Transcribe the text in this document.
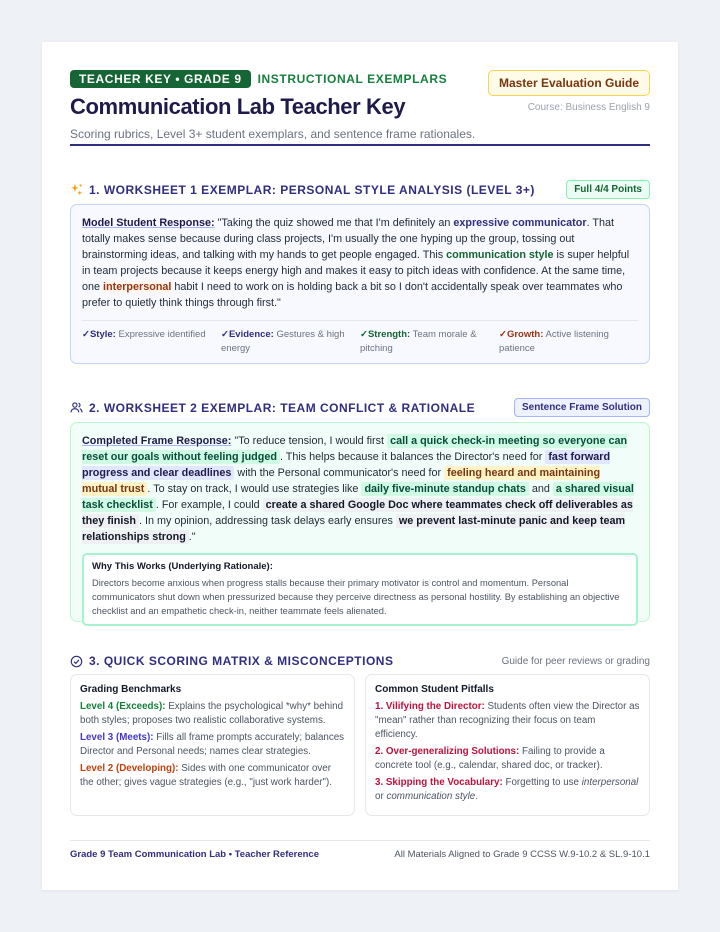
TEACHER KEY • GRADE 9	INSTRUCTIONAL EXEMPLARS
Communication Lab Teacher Key
Scoring rubrics, Level 3+ student exemplars, and sentence frame rationales.
Master Evaluation Guide
Course: Business English 9
1. WORKSHEET 1 EXEMPLAR: PERSONAL STYLE ANALYSIS (LEVEL 3+)	Full 4/4 Points

Model Student Response: "Taking the quiz showed me that I'm definitely an expressive communicator. That totally makes sense because during class projects, I'm usually the one hyping up the group, tossing out brainstorming ideas, and talking with my hands to get people engaged. This communication style is super helpful in team projects because it keeps energy high and makes it easy to pitch ideas with confidence. At the same time, one interpersonal habit I need to work on is holding back a bit so I don't accidentally speak over teammates who prefer to quietly think things through first."

✓Style: Expressive identified	✓Evidence: Gestures & high energy
✓Strength: Team morale & pitching
✓Growth: Active listening patience
2. WORKSHEET 2 EXEMPLAR: TEAM CONFLICT & RATIONALE	Sentence Frame Solution

Completed Frame Response: "To reduce tension, I would first call a quick check-in meeting so everyone can reset our goals without feeling judged . This helps because it balances the Director's need for fast forward progress and clear deadlines with the Personal communicator's need for feeling heard and maintaining mutual trust . To stay on track, I would use strategies like daily five-minute standup chats and a shared visual task checklist . For example, I could create a shared Google Doc where teammates check off deliverables as they finish . In my opinion, addressing task delays early ensures we prevent last-minute panic and keep team relationships strong ."

Why This Works (Underlying Rationale):
Directors become anxious when progress stalls because their primary motivator is control and momentum. Personal communicators shut down when pressurized because they perceive directness as personal hostility. By establishing an objective checklist and an empathetic check-in, neither teammate feels alienated.
3. QUICK SCORING MATRIX & MISCONCEPTIONS	Guide for peer reviews or grading
Grading Benchmarks
Level 4 (Exceeds): Explains the psychological *why* behind both styles; proposes two realistic collaborative systems.
Level 3 (Meets): Fills all frame prompts accurately; balances Director and Personal needs; names clear strategies.
Level 2 (Developing): Sides with one communicator over the other; gives vague strategies (e.g., "just work harder").
Common Student Pitfalls
1. Vilifying the Director: Students often view the Director as "mean" rather than recognizing their focus on team efficiency.
2. Over-generalizing Solutions: Failing to provide a concrete tool (e.g., calendar, shared doc, or tracker).
3. Skipping the Vocabulary: Forgetting to use interpersonal or communication style.
Grade 9 Team Communication Lab • Teacher Reference	All Materials Aligned to Grade 9 CCSS W.9-10.2 & SL.9-10.1
